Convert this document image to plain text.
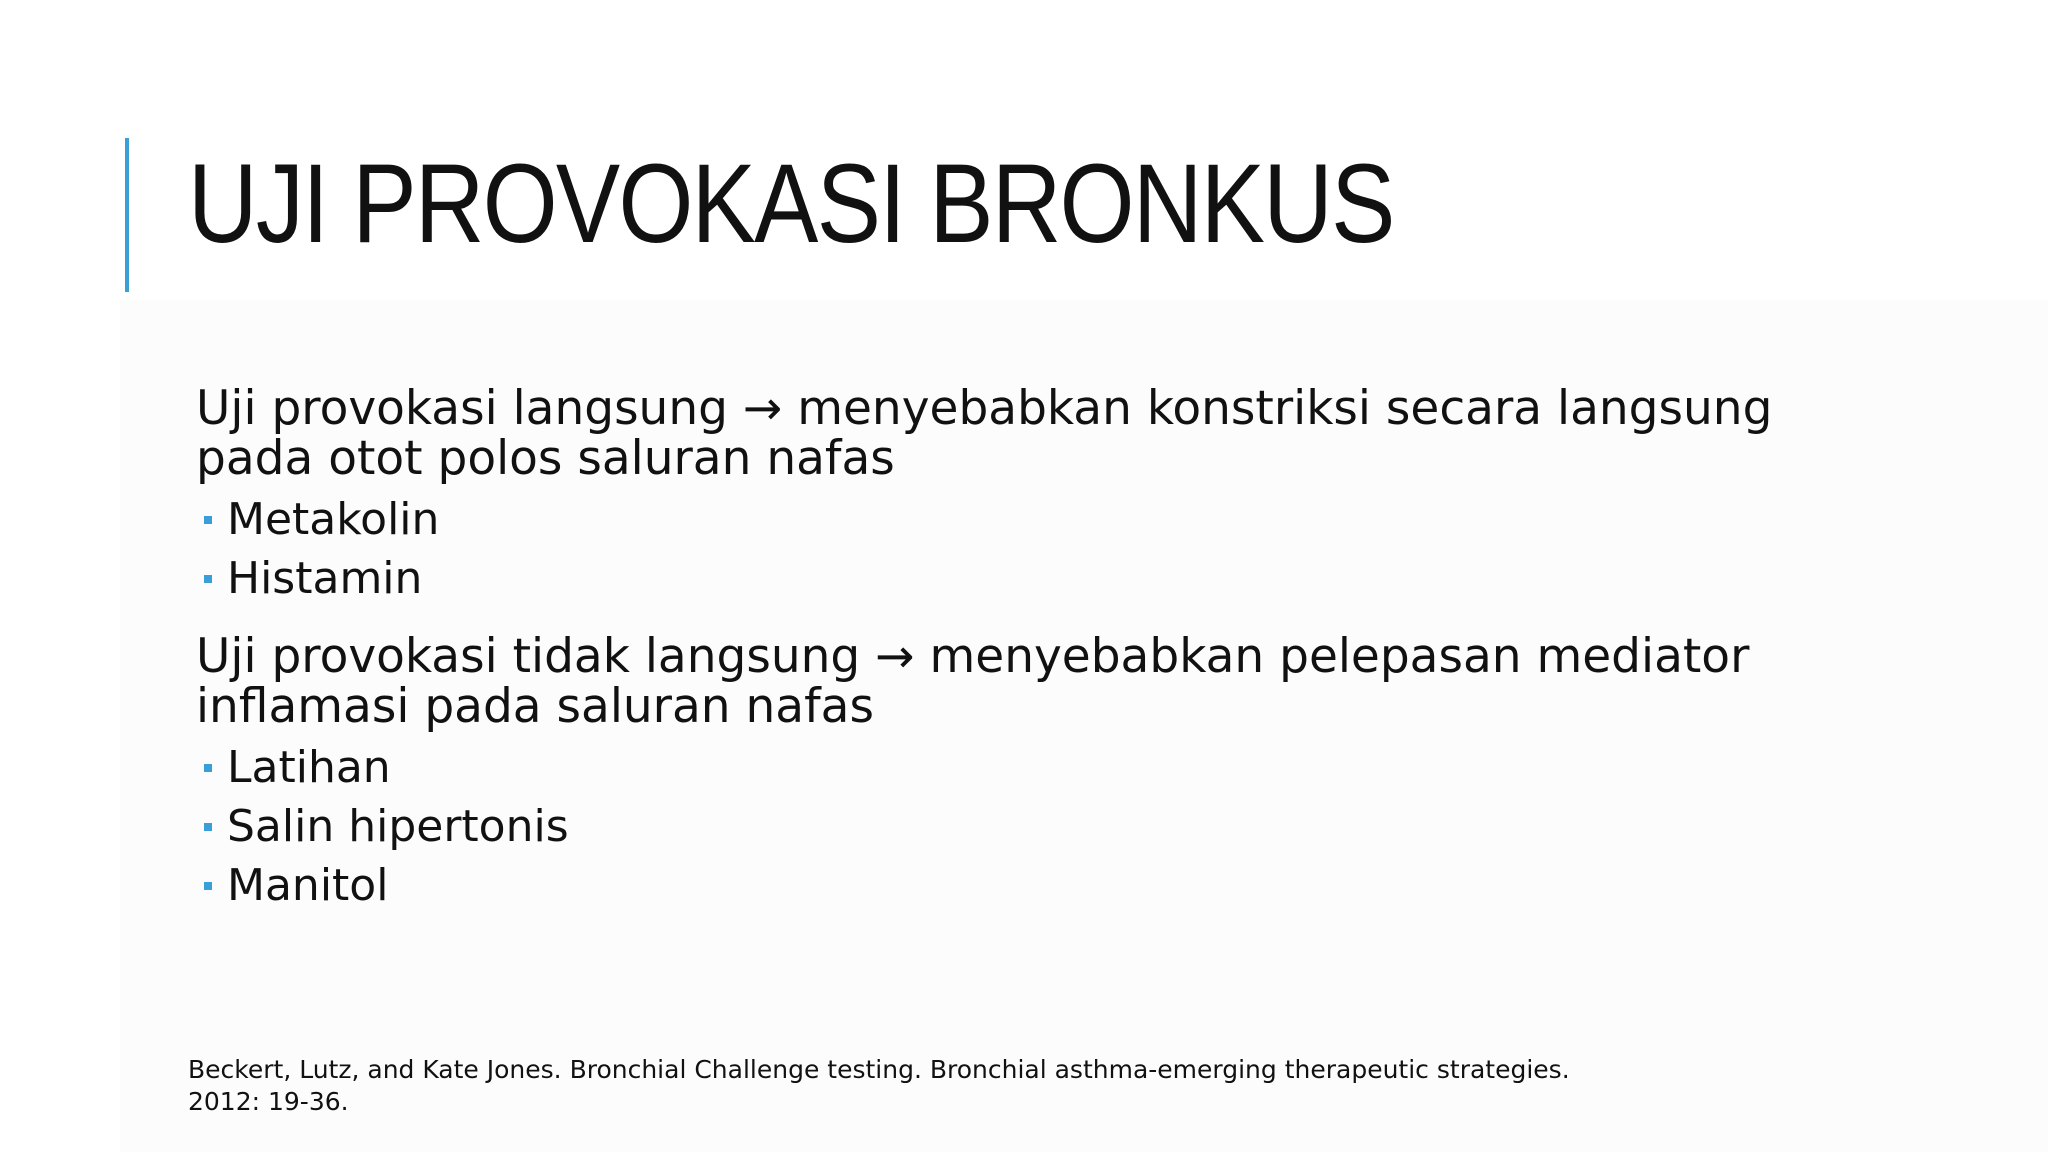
UJI PROVOKASI BRONKUS

Uji provokasi langsung → menyebabkan konstriksi secara langsung pada otot polos saluran nafas

Metakolin
Histamin

Uji provokasi tidak langsung → menyebabkan pelepasan mediator inflamasi pada saluran nafas

Latihan
Salin hipertonis
Manitol
Beckert, Lutz, and Kate Jones. Bronchial Challenge testing. Bronchial asthma-emerging therapeutic strategies.
2012: 19-36.
